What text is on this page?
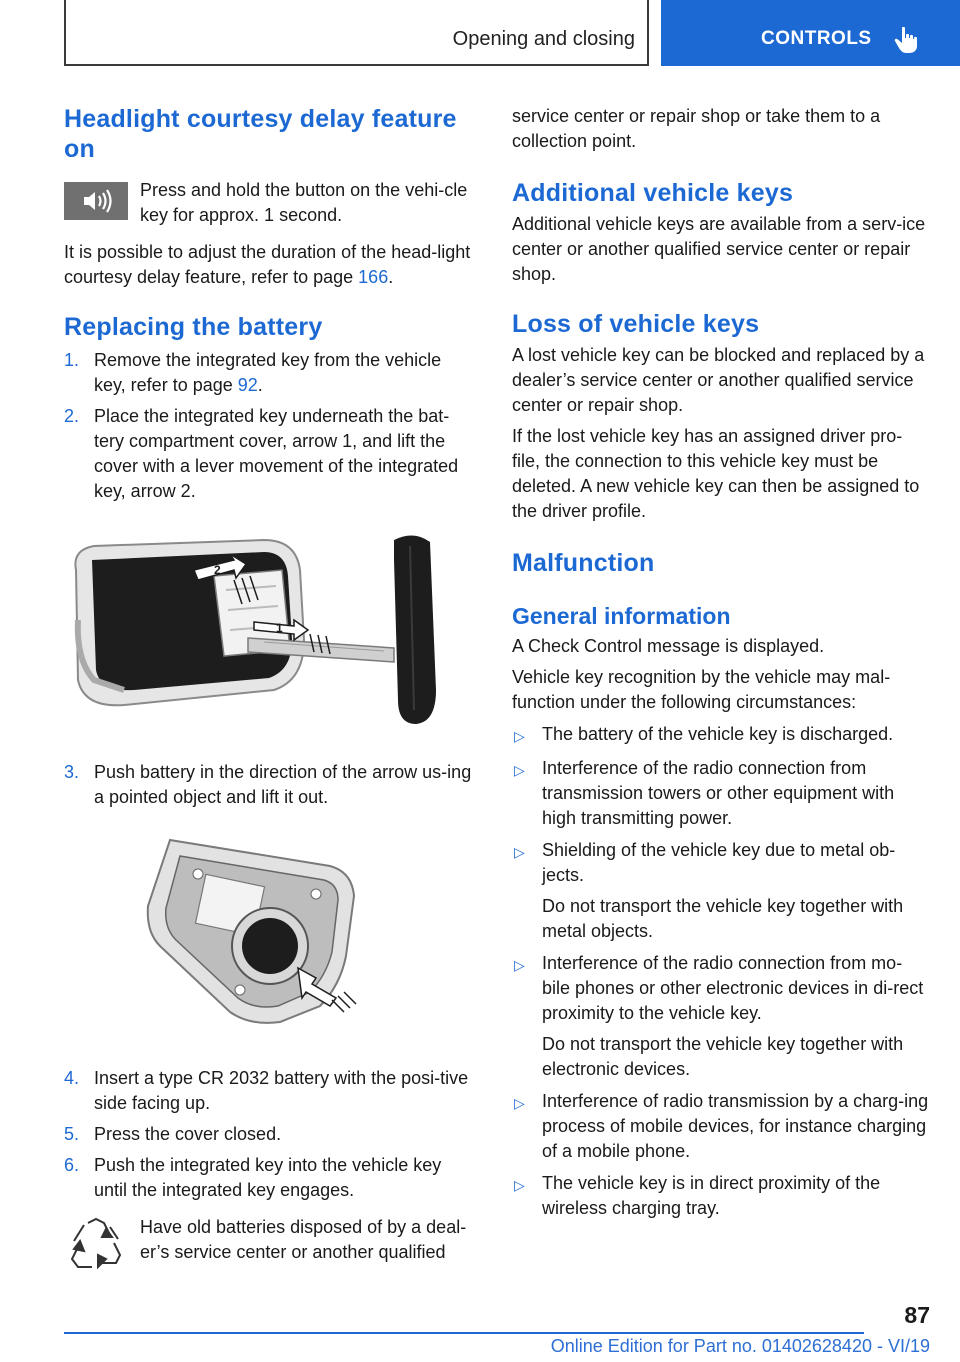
Opening and closing	CONTROLS
Headlight courtesy delay feature on

Press and hold the button on the vehi-cle key for approx. 1 second.

It is possible to adjust the duration of the head-light courtesy delay feature, refer to page 166.

Replacing the battery
1. Remove the integrated key from the vehicle key, refer to page 92.
2. Place the integrated key underneath the bat-tery compartment cover, arrow 1, and lift the cover with a lever movement of the integrated key, arrow 2.
2
1
3. Push battery in the direction of the arrow us-ing a pointed object and lift it out.
4. Insert a type CR 2032 battery with the posi-tive side facing up.
5. Press the cover closed.
6. Push the integrated key into the vehicle key until the integrated key engages.

Have old batteries disposed of by a deal-er’s service center or another qualified

service center or repair shop or take them to a collection point.

Additional vehicle keys

Additional vehicle keys are available from a serv-ice center or another qualified service center or repair shop.

Loss of vehicle keys

A lost vehicle key can be blocked and replaced by a dealer’s service center or another qualified service center or repair shop.

If the lost vehicle key has an assigned driver pro-file, the connection to this vehicle key must be deleted. A new vehicle key can then be assigned to the driver profile.

Malfunction
General information

A Check Control message is displayed.

Vehicle key recognition by the vehicle may mal-function under the following circumstances:

▷ The battery of the vehicle key is discharged.
▷ Interference of the radio connection from transmission towers or other equipment with high transmitting power.
▷ Shielding of the vehicle key due to metal ob-jects.

Do not transport the vehicle key together with metal objects.

▷ Interference of the radio connection from mo-bile phones or other electronic devices in di-rect proximity to the vehicle key.

Do not transport the vehicle key together with electronic devices.

▷ Interference of radio transmission by a charg-ing process of mobile devices, for instance charging of a mobile phone.
▷ The vehicle key is in direct proximity of the wireless charging tray.
87
Online Edition for Part no. 01402628420 - VI/19
